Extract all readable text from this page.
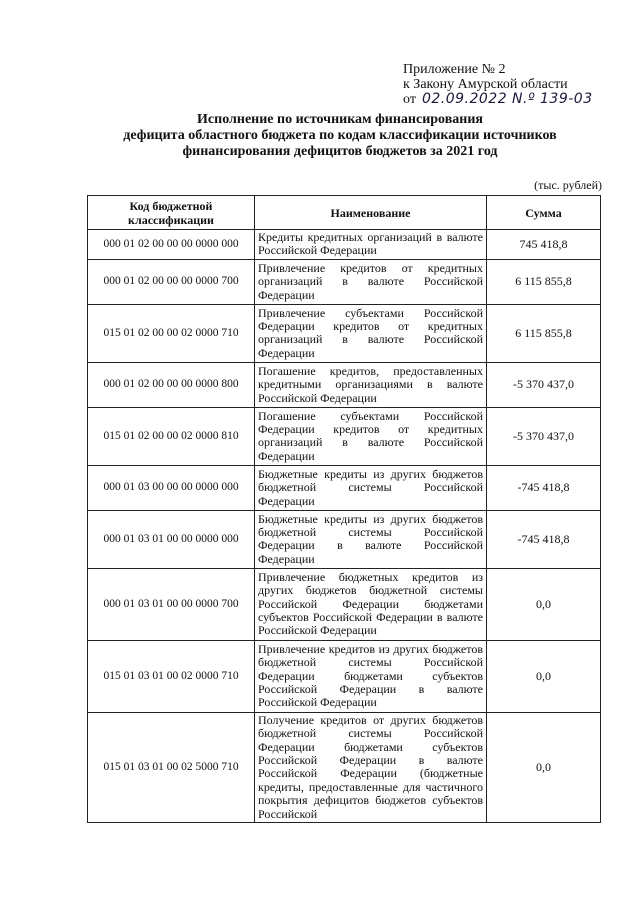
Приложение № 2
к Закону Амурской области
от 02.09.2022 N.º 139-03
Исполнение по источникам финансирования
дефицита областного бюджета по кодам классификации источников
финансирования дефицитов бюджетов за 2021 год
(тыс. рублей)
Код бюджетной классификации	Наименование	Сумма
000 01 02 00 00 00 0000 000	Кредиты кредитных организаций в валюте Российской Федерации	745 418,8
000 01 02 00 00 00 0000 700	Привлечение кредитов от кредитных организаций в валюте Российской Федерации	6 115 855,8
015 01 02 00 00 02 0000 710	Привлечение субъектами Российской Федерации кредитов от кредитных организаций в валюте Российской Федерации	6 115 855,8
000 01 02 00 00 00 0000 800	Погашение кредитов, предоставленных кредитными организациями в валюте Российской Федерации	-5 370 437,0
015 01 02 00 00 02 0000 810	Погашение субъектами Российской Федерации кредитов от кредитных организаций в валюте Российской Федерации	-5 370 437,0
000 01 03 00 00 00 0000 000	Бюджетные кредиты из других бюджетов бюджетной системы Российской Федерации	-745 418,8
000 01 03 01 00 00 0000 000	Бюджетные кредиты из других бюджетов бюджетной системы Российской Федерации в валюте Российской Федерации	-745 418,8
000 01 03 01 00 00 0000 700	Привлечение бюджетных кредитов из других бюджетов бюджетной системы Российской Федерации бюджетами субъектов Российской Федерации в валюте Российской Федерации	0,0
015 01 03 01 00 02 0000 710	Привлечение кредитов из других бюджетов бюджетной системы Российской Федерации бюджетами субъектов Российской Федерации в валюте Российской Федерации	0,0
015 01 03 01 00 02 5000 710	Получение кредитов от других бюджетов бюджетной системы Российской Федерации бюджетами субъектов Российской Федерации в валюте Российской Федерации (бюджетные кредиты, предоставленные для частичного покрытия дефицитов бюджетов субъектов Российской	0,0
